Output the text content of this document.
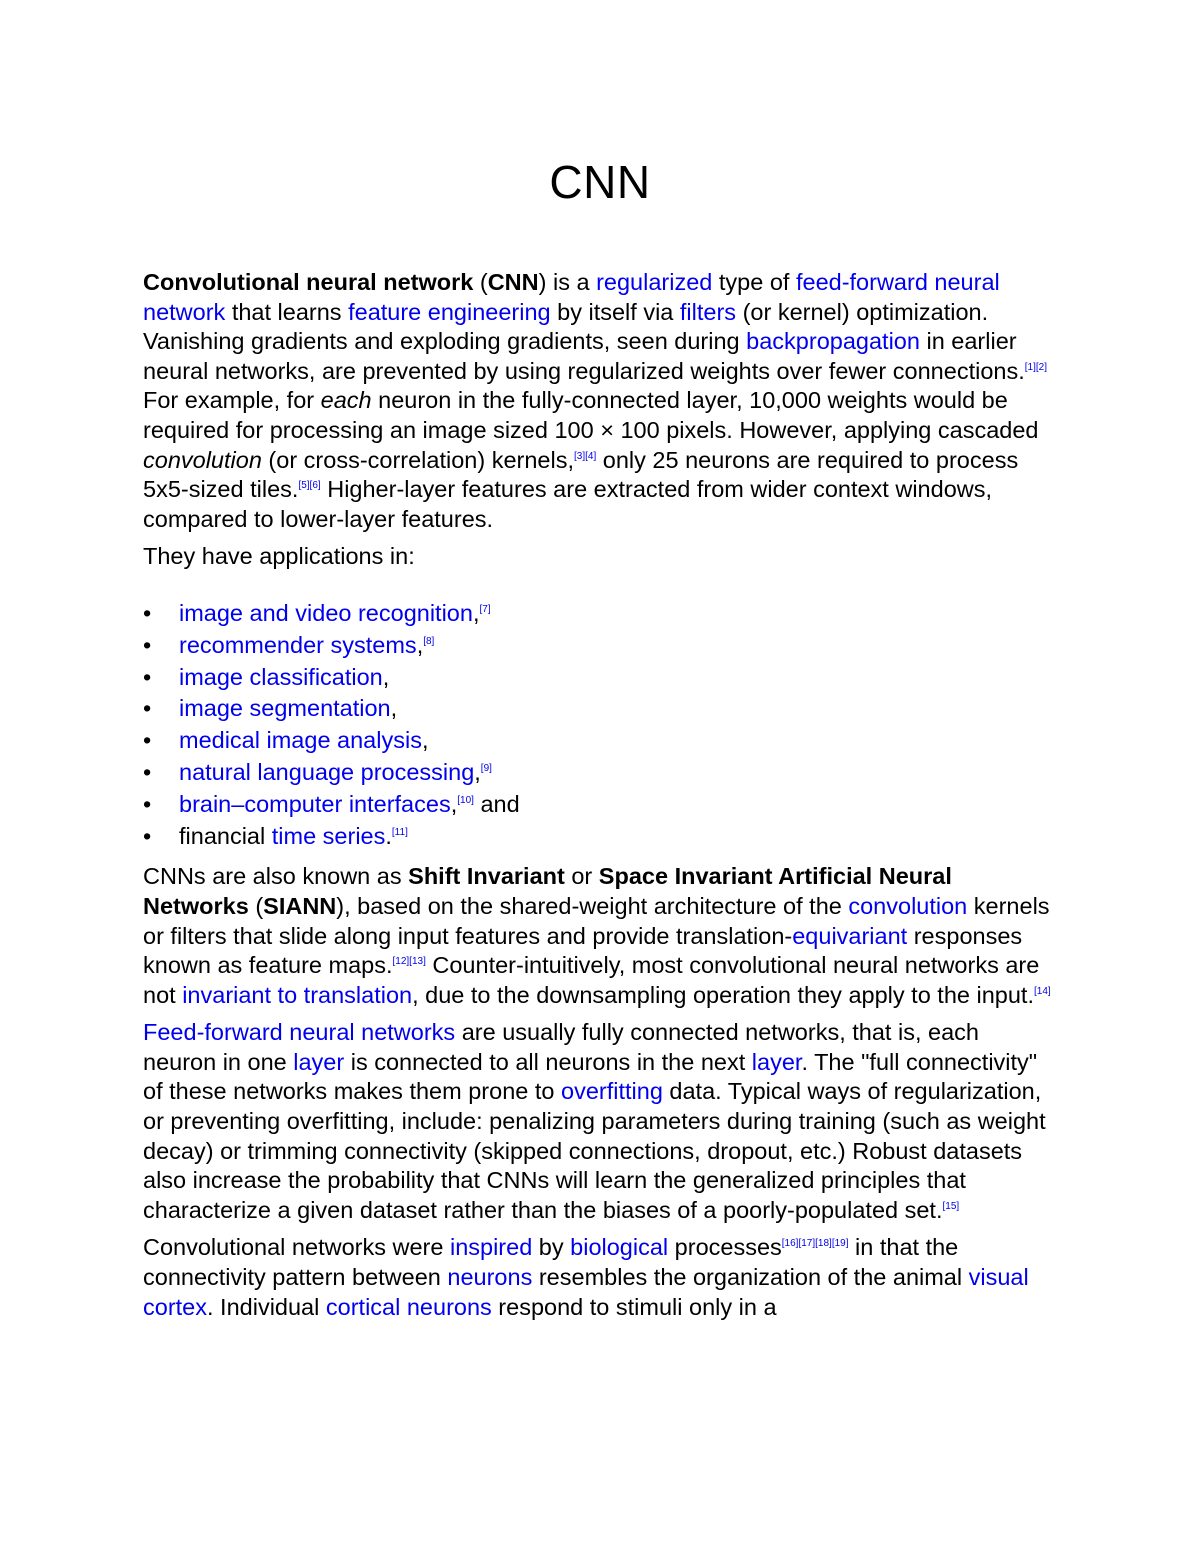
CNN

Convolutional neural network (CNN) is a regularized type of feed-forward neural network that learns feature engineering by itself via filters (or kernel) optimization. Vanishing gradients and exploding gradients, seen during backpropagation in earlier neural networks, are prevented by using regularized weights over fewer connections.[1][2] For example, for each neuron in the fully-connected layer, 10,000 weights would be required for processing an image sized 100 × 100 pixels. However, applying cascaded convolution (or cross-correlation) kernels,[3][4] only 25 neurons are required to process 5x5-sized tiles.[5][6] Higher-layer features are extracted from wider context windows, compared to lower-layer features.

They have applications in:

• image and video recognition,[7]
• recommender systems,[8]
• image classification,
• image segmentation,
• medical image analysis,
• natural language processing,[9]
• brain–computer interfaces,[10] and
• financial time series.[11]

CNNs are also known as Shift Invariant or Space Invariant Artificial Neural Networks (SIANN), based on the shared-weight architecture of the convolution kernels or filters that slide along input features and provide translation-equivariant responses known as feature maps.[12][13] Counter-intuitively, most convolutional neural networks are not invariant to translation, due to the downsampling operation they apply to the input.[14]

Feed-forward neural networks are usually fully connected networks, that is, each neuron in one layer is connected to all neurons in the next layer. The "full connectivity" of these networks makes them prone to overfitting data. Typical ways of regularization, or preventing overfitting, include: penalizing parameters during training (such as weight decay) or trimming connectivity (skipped connections, dropout, etc.) Robust datasets also increase the probability that CNNs will learn the generalized principles that characterize a given dataset rather than the biases of a poorly-populated set.[15]

Convolutional networks were inspired by biological processes[16][17][18][19] in that the connectivity pattern between neurons resembles the organization of the animal visual cortex. Individual cortical neurons respond to stimuli only in a
